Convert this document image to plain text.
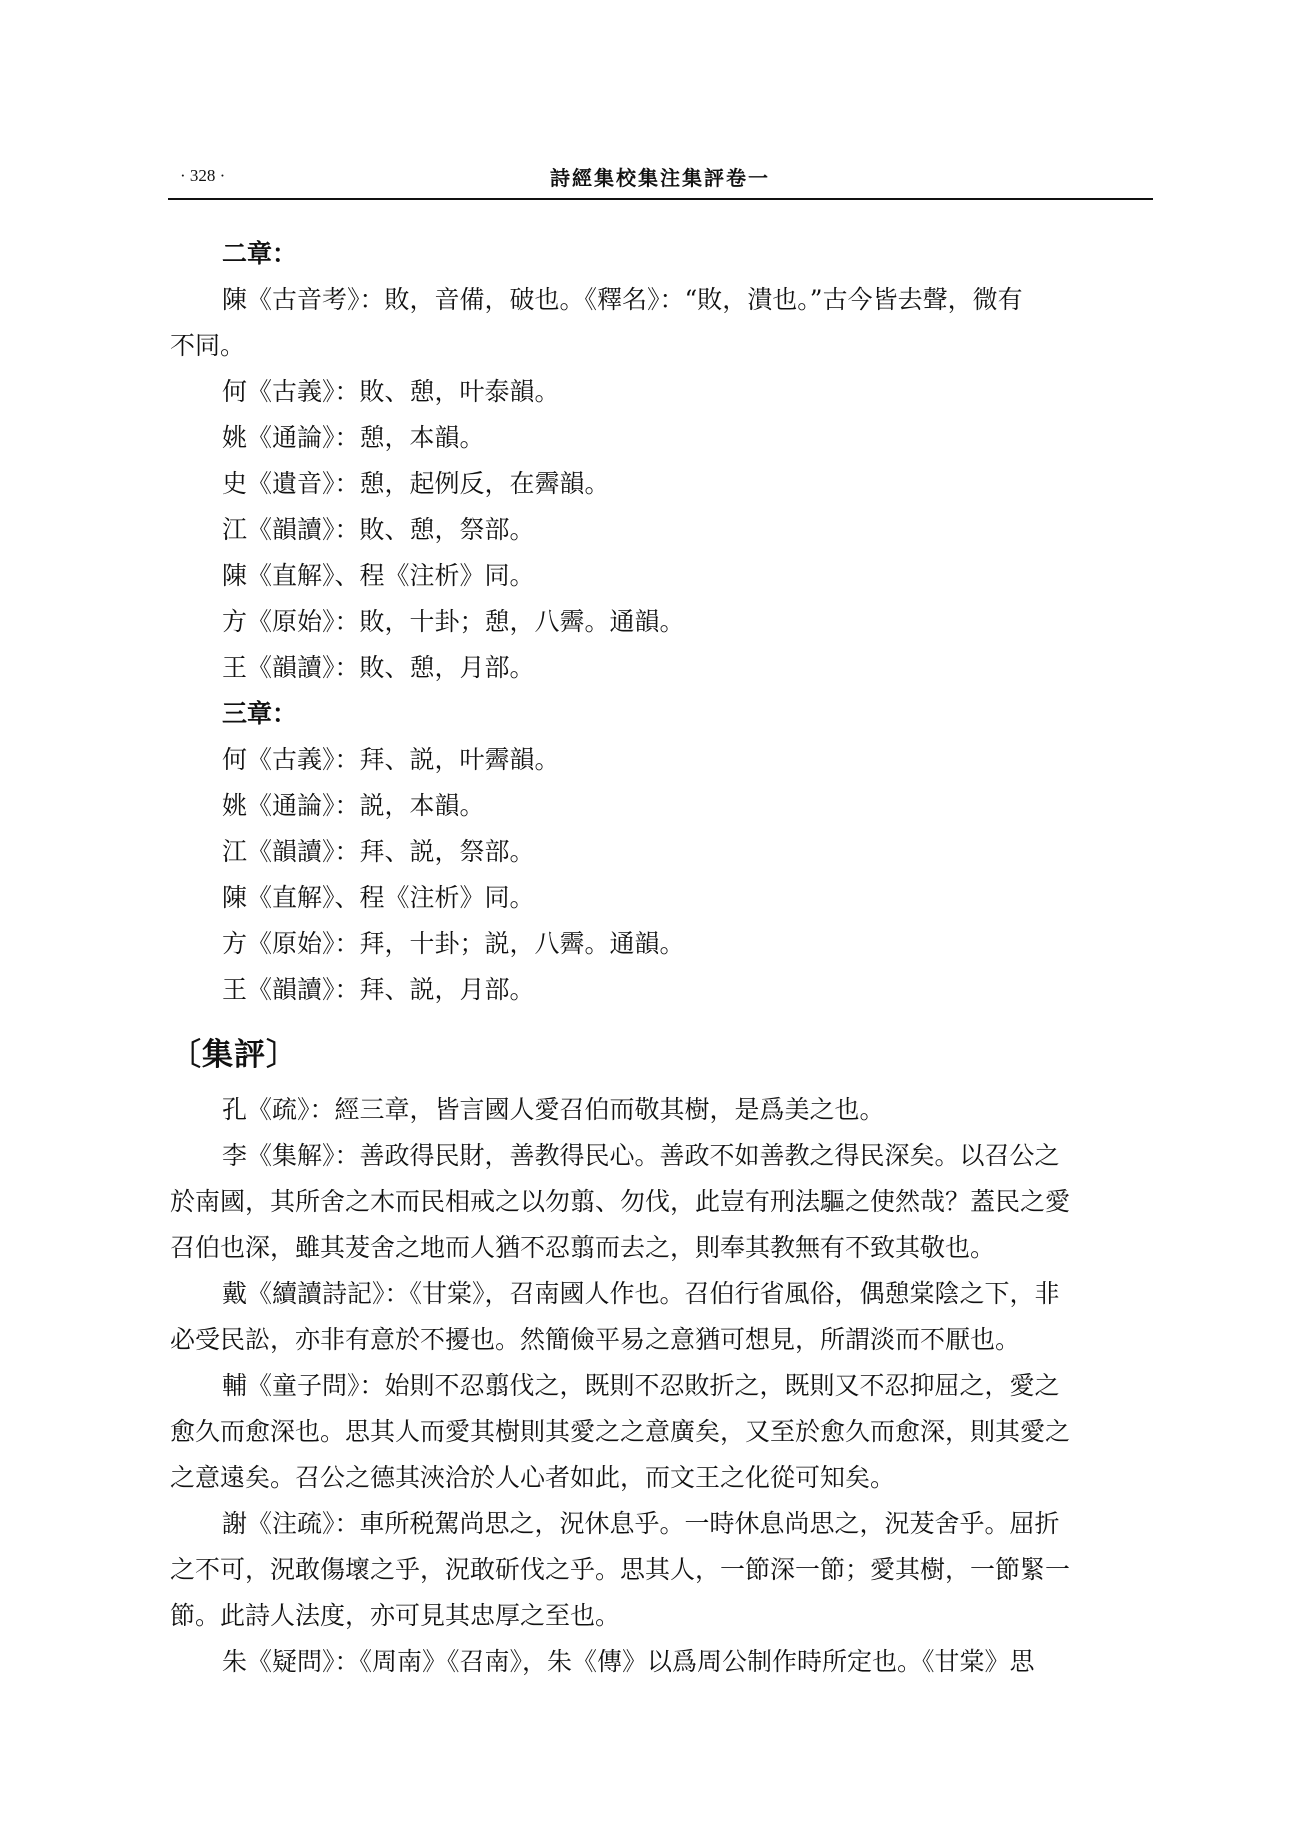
· 328 ·	詩經集校集注集評卷一
二章：
陳《古音考》：敗，音備，破也。《釋名》：“敗，潰也。”古今皆去聲，微有
不同。
何《古義》：敗、憩，叶泰韻。
姚《通論》：憩，本韻。
史《遺音》：憩，起例反，在霽韻。
江《韻讀》：敗、憩，祭部。
陳《直解》、程《注析》同。
方《原始》：敗，十卦；憩，八霽。通韻。
王《韻讀》：敗、憩，月部。
三章：
何《古義》：拜、説，叶霽韻。
姚《通論》：説，本韻。
江《韻讀》：拜、説，祭部。
陳《直解》、程《注析》同。
方《原始》：拜，十卦；説，八霽。通韻。
王《韻讀》：拜、説，月部。
〔集評〕
孔《疏》：經三章，皆言國人愛召伯而敬其樹，是爲美之也。
李《集解》：善政得民財，善教得民心。善政不如善教之得民深矣。以召公之
於南國，其所舍之木而民相戒之以勿翦、勿伐，此豈有刑法驅之使然哉？蓋民之愛
召伯也深，雖其茇舍之地而人猶不忍翦而去之，則奉其教無有不致其敬也。
戴《續讀詩記》：《甘棠》，召南國人作也。召伯行省風俗，偶憩棠陰之下，非
必受民訟，亦非有意於不擾也。然簡儉平易之意猶可想見，所謂淡而不厭也。
輔《童子問》：始則不忍翦伐之，既則不忍敗折之，既則又不忍抑屈之，愛之
愈久而愈深也。思其人而愛其樹則其愛之之意廣矣，又至於愈久而愈深，則其愛之
之意遠矣。召公之德其浹洽於人心者如此，而文王之化從可知矣。
謝《注疏》：車所税駕尚思之，況休息乎。一時休息尚思之，況茇舍乎。屈折
之不可，況敢傷壞之乎，況敢斫伐之乎。思其人，一節深一節；愛其樹，一節緊一
節。此詩人法度，亦可見其忠厚之至也。
朱《疑問》：《周南》《召南》，朱《傳》以爲周公制作時所定也。《甘棠》思
